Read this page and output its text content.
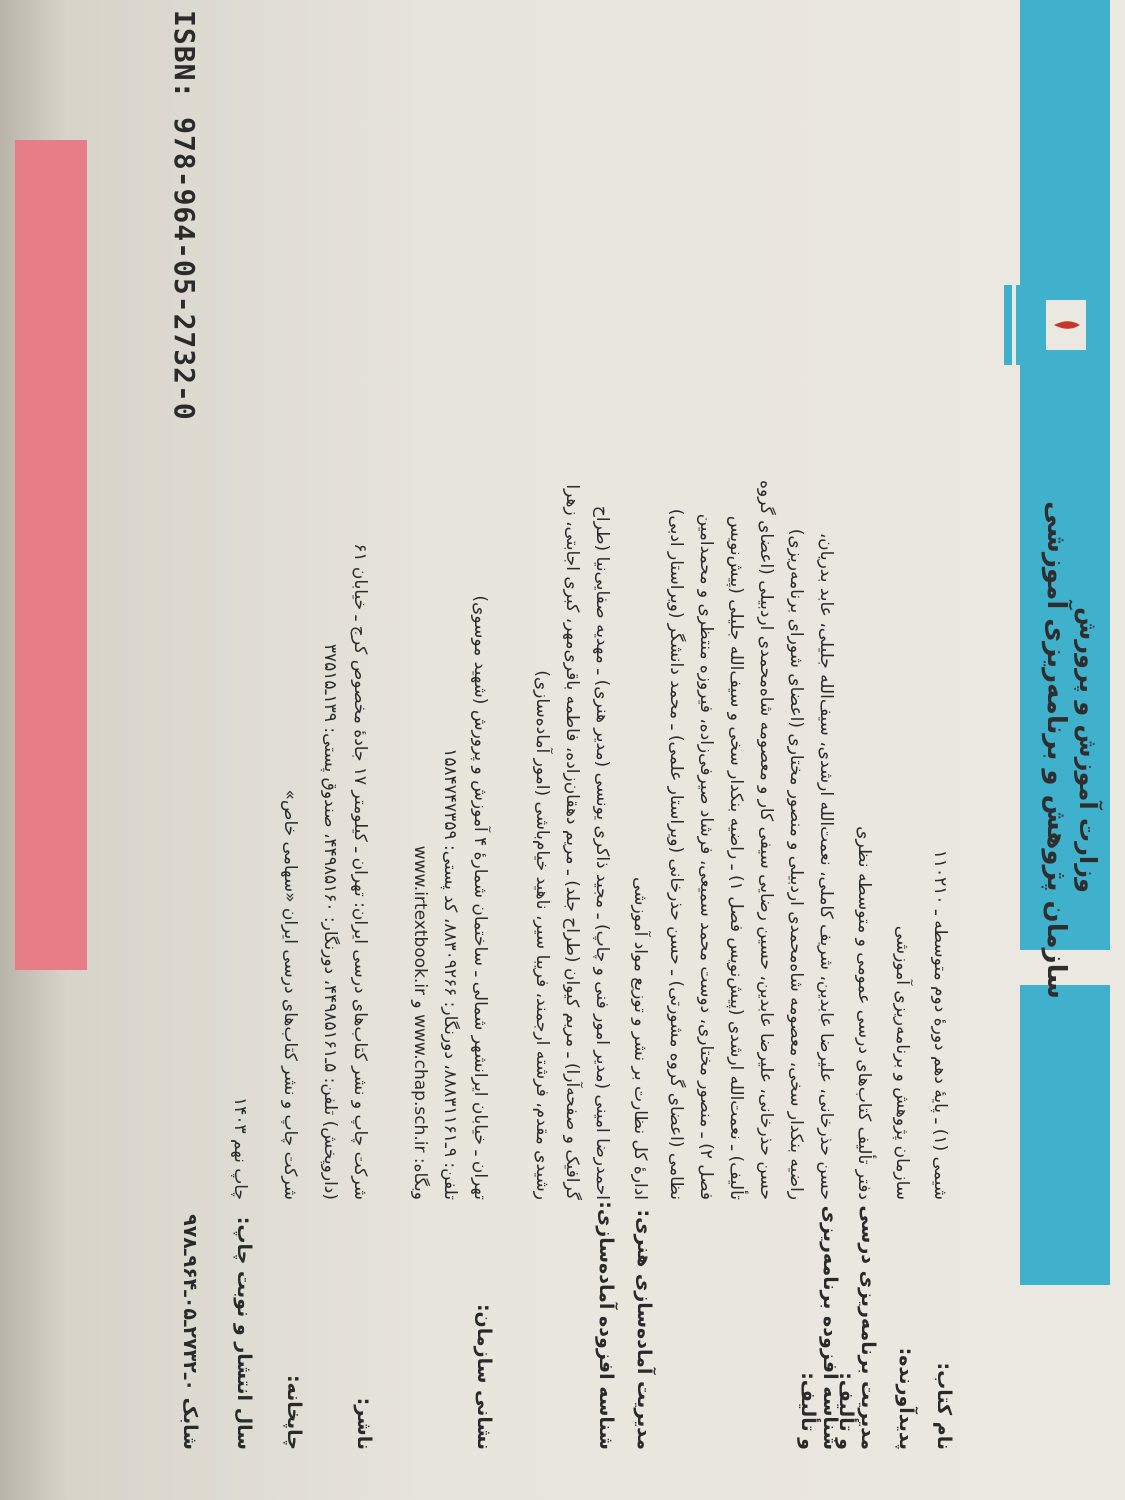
وزارت آموزش و پرورش
سازمان پژوهش و برنامه‌ریزی آموزشی
نام کتاب:

شیمی (۱) ـ پایهٔ دهم دورهٔ دوم متوسطه ـ ۱۱۰۲۱۰

پدیدآورنده:

سازمان پژوهش و برنامه‌ریزی آموزشی

مدیریت برنامه‌ریزی درسی و تألیف:

دفتر تألیف کتاب‌های درسی عمومی و متوسطه نظری

شناسه افزوده برنامه‌ریزی و تألیف:

حسن حذرخانی، علیرضا عابدین، شریف کاملی، نعمت‌الله ارشدی، سیف‌الله جلیلی، عابد بدریان،

راضیه بنکدار سخی، معصومه شاه‌محمدی اردبیلی و منصور مختاری (اعضای شورای برنامه‌ریزی)

حسن حذرخانی، علیرضا عابدین، حسین رضایی سیفی کار و معصومه شاه‌محمدی اردبیلی (اعضای گروه

تألیف) ـ نعمت‌الله ارشدی (پیش‌نویس فصل ۱) ـ راضیه بنکدار سخی و سیف‌الله جلیلی (پیش‌نویس

فصل ۲) ـ منصور مختاری، دوست محمد سمیعی، فرشاد صیرفی‌زاده، فیروزه منتظری و محمدامین

نظامی (اعضای گروه مشورتی) ـ حسن حذرخانی (ویراستار علمی) ـ محمد دانشگر (ویراستار ادبی)

مدیریت آماده‌سازی هنری:

ادارهٔ کل نظارت بر نشر و توزیع مواد آموزشی

شناسه افزوده آماده‌سازی:

احمدرضا امینی (مدیر امور فنی و چاپ) ـ مجید ذاکری یونسی (مدیر هنری) ـ مهدیه صفایی‌نیا (طراح

گرافیک و صفحه‌آرا) ـ مریم کیوان (طراح جلد) ـ مریم دهقان‌زاده، فاطمه باقری‌مهر، کبری اجابتی، زهرا

رشیدی مقدم، فرشته ارجمند، فریبا سیر، ناهید خیام‌باشی (امور آماده‌سازی)

نشانی سازمان:

تهران ـ خیابان ایرانشهر شمالی ـ ساختمان شمارهٔ ۴ آموزش و پرورش (شهید موسوی)

تلفن: ۹ـ۸۸۸۳۱۱۶۱، دورنگار: ۸۸۳۰۹۲۶۶، کد پستی: ۱۵۸۴۷۴۷۳۵۹

وبگاه: www.chap.sch.ir و www.irtextbook.ir

ناشر:

شرکت چاپ و نشر کتاب‌های درسی ایران: تهران ـ کیلومتر ۱۷ جادهٔ مخصوص کرج ـ خیابان ۶۱

(داروپخش) تلفن: ۵ـ۴۴۹۸۵۱۶۱، دورنگار: ۴۴۹۸۵۱۶۰، صندوق پستی: ۱۳۹ـ۳۷۵۱۵

چاپخانه:

شرکت چاپ و نشر کتاب‌های درسی ایران «سهامی خاص»

سال انتشار و نوبت چاپ:

چاپ نهم ۱۴۰۳

شابک ۰ـ۲۷۳۲ـ۰۵ـ۹۶۴ـ۹۷۸
ISBN: 978-964-05-2732-0
